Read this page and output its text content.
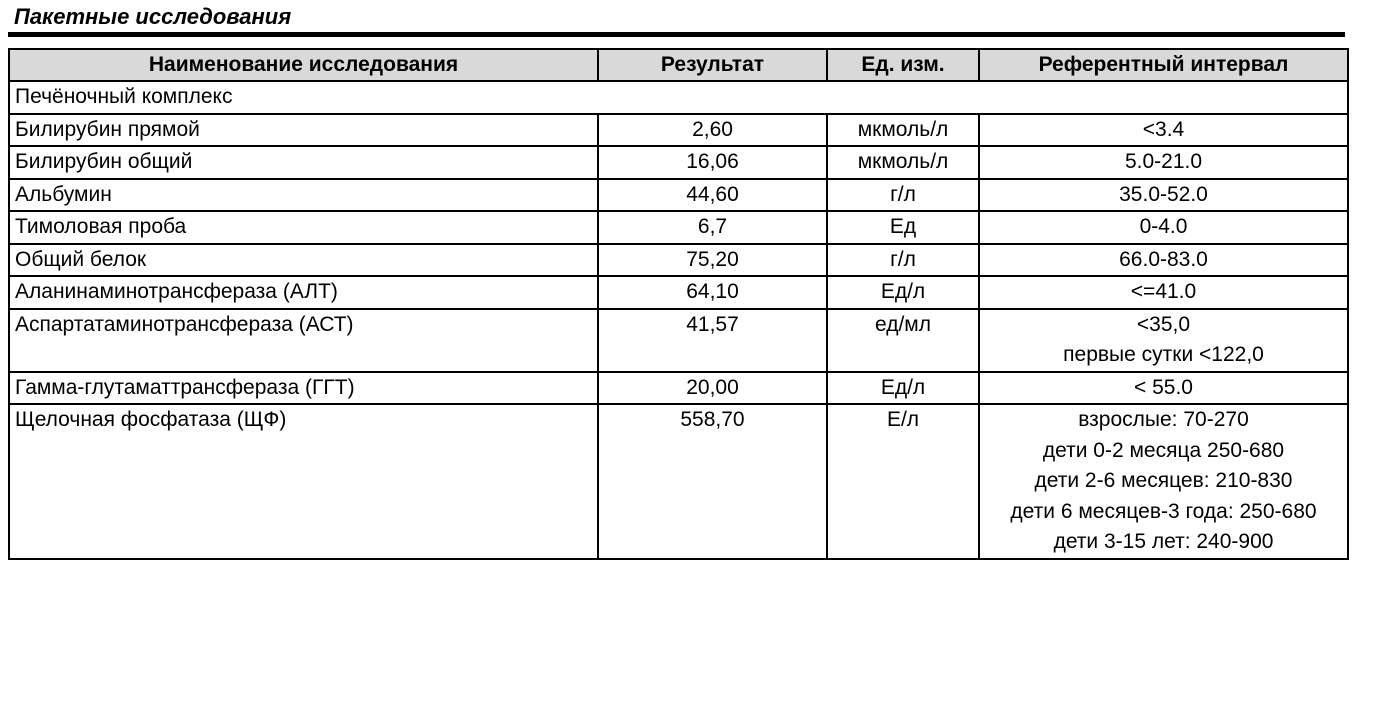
Пакетные исследования
Наименование исследования	Результат	Ед. изм.	Референтный интервал
Печёночный комплекс			
Билирубин прямой	2,60	мкмоль/л	<3.4

Билирубин общий	16,06	мкмоль/л	5.0-21.0

Альбумин	44,60	г/л	35.0-52.0

Тимоловая проба	6,7	Ед	0-4.0

Общий белок	75,20	г/л	66.0-83.0

Аланинаминотрансфераза (АЛТ)	64,10	Ед/л	<=41.0

Аспартатаминотрансфераза (АСТ)	41,57	ед/мл	<35,0
первые сутки <122,0

Гамма-глутаматтрансфераза (ГГТ)	20,00	Ед/л	< 55.0

Щелочная фосфатаза (ЩФ)	558,70	Е/л	взрослые: 70-270
дети 0-2 месяца 250-680
дети 2-6 месяцев: 210-830
дети 6 месяцев-3 года: 250-680
дети 3-15 лет: 240-900
